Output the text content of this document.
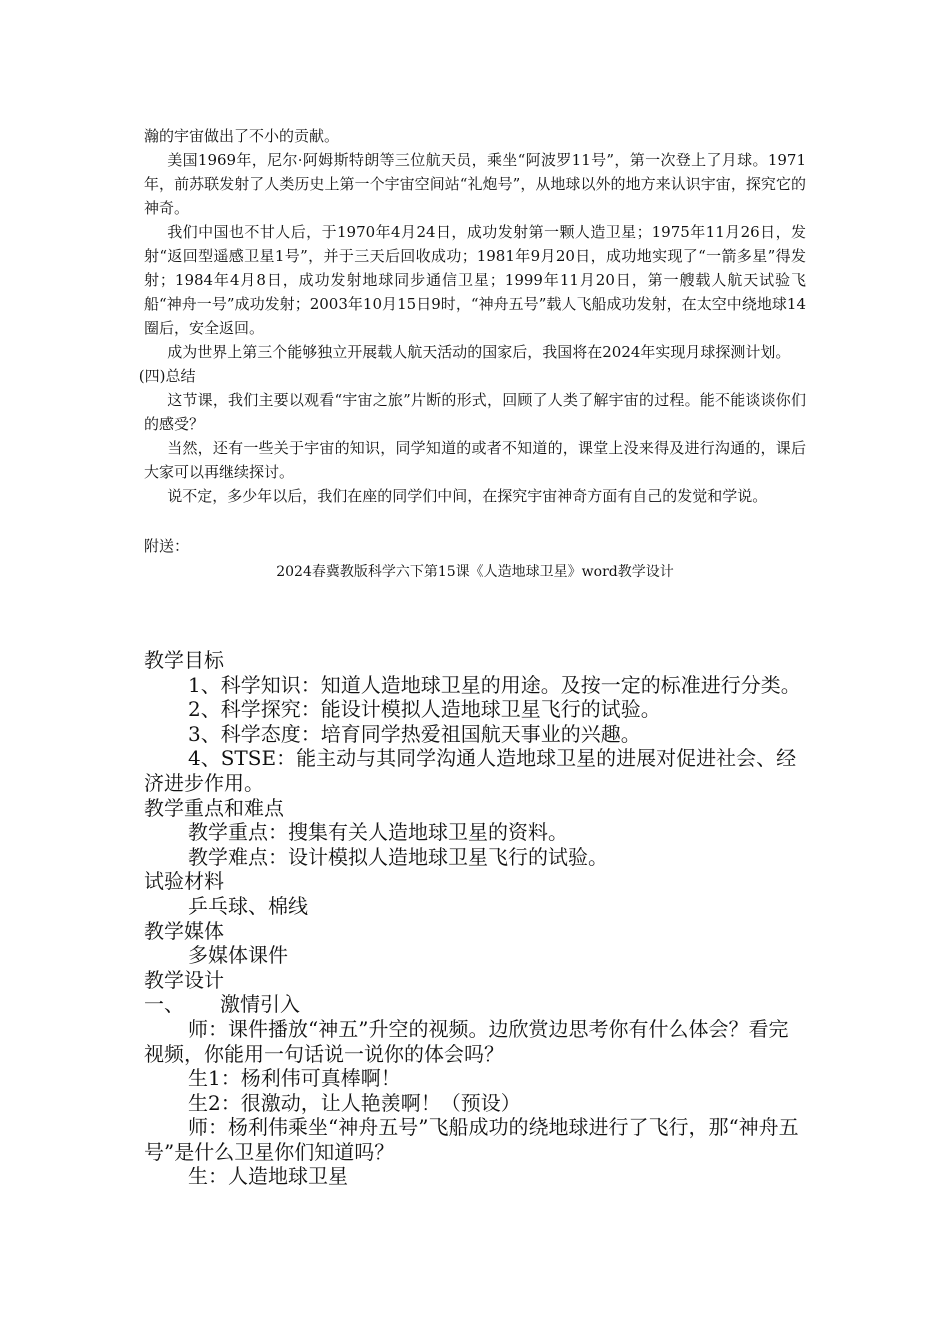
瀚的宇宙做出了不小的贡献。

美国1969年，尼尔·阿姆斯特朗等三位航天员，乘坐“阿波罗11号”，第一次登上了月球。1971年，前苏联发射了人类历史上第一个宇宙空间站“礼炮号”，从地球以外的地方来认识宇宙，探究它的神奇。

我们中国也不甘人后，于1970年4月24日，成功发射第一颗人造卫星；1975年11月26日，发射“返回型遥感卫星1号”，并于三天后回收成功；1981年9月20日，成功地实现了“一箭多星”得发射；1984年4月8日，成功发射地球同步通信卫星；1999年11月20日，第一艘载人航天试验飞船“神舟一号”成功发射；2003年10月15日9时，“神舟五号”载人飞船成功发射，在太空中绕地球14圈后，安全返回。

成为世界上第三个能够独立开展载人航天活动的国家后，我国将在2024年实现月球探测计划。

(四)总结

这节课，我们主要以观看“宇宙之旅”片断的形式，回顾了人类了解宇宙的过程。能不能谈谈你们的感受？

当然，还有一些关于宇宙的知识，同学知道的或者不知道的，课堂上没来得及进行沟通的，课后大家可以再继续探讨。

说不定，多少年以后，我们在座的同学们中间，在探究宇宙神奇方面有自己的发觉和学说。

附送：

2024春冀教版科学六下第15课《人造地球卫星》word教学设计

教学目标

1、科学知识：知道人造地球卫星的用途。及按一定的标准进行分类。

2、科学探究：能设计模拟人造地球卫星飞行的试验。

3、科学态度：培育同学热爱祖国航天事业的兴趣。

4、STSE：能主动与其同学沟通人造地球卫星的进展对促进社会、经济进步作用。

教学重点和难点

教学重点：搜集有关人造地球卫星的资料。

教学难点：设计模拟人造地球卫星飞行的试验。

试验材料

乒乓球、棉线

教学媒体

多媒体课件

教学设计

一、 激情引入

师：课件播放“神五”升空的视频。边欣赏边思考你有什么体会？看完视频，你能用一句话说一说你的体会吗？

生1：杨利伟可真棒啊！

生2：很激动，让人艳羡啊！（预设）

师：杨利伟乘坐“神舟五号”飞船成功的绕地球进行了飞行，那“神舟五号”是什么卫星你们知道吗？

生：人造地球卫星
